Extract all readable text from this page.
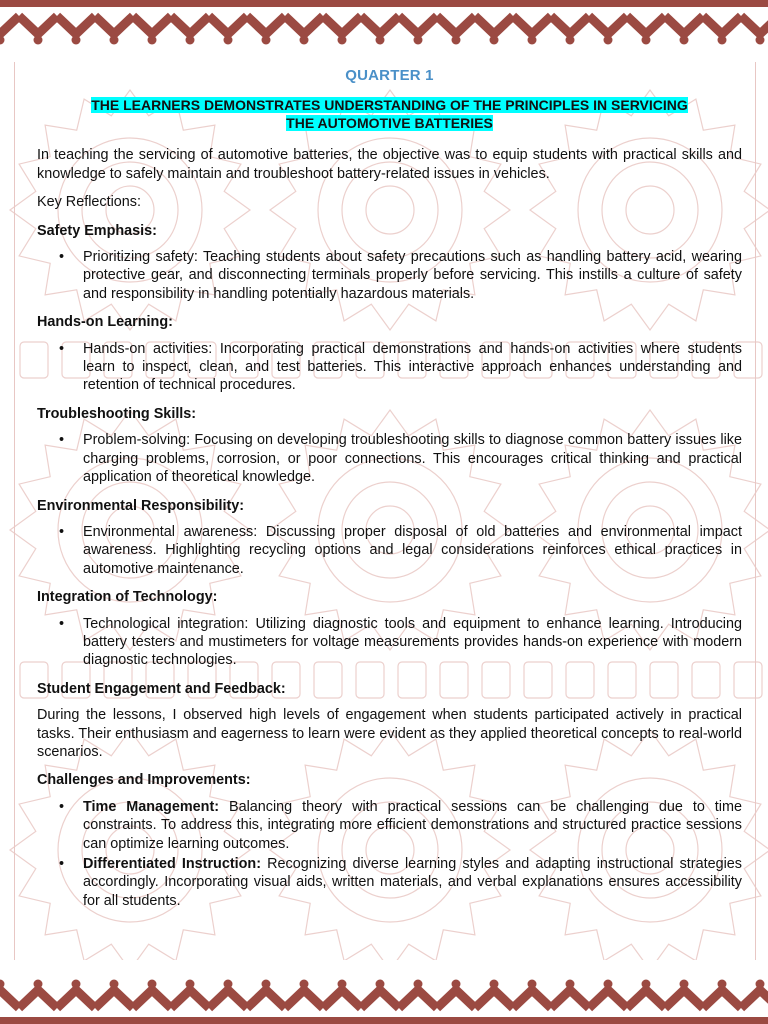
QUARTER 1
THE LEARNERS DEMONSTRATES UNDERSTANDING OF THE PRINCIPLES IN SERVICING
THE AUTOMOTIVE BATTERIES

In teaching the servicing of automotive batteries, the objective was to equip students with practical skills and knowledge to safely maintain and troubleshoot battery-related issues in vehicles.

Key Reflections:

Safety Emphasis:
• Prioritizing safety: Teaching students about safety precautions such as handling battery acid, wearing protective gear, and disconnecting terminals properly before servicing. This instills a culture of safety and responsibility in handling potentially hazardous materials.
Hands-on Learning:
• Hands-on activities: Incorporating practical demonstrations and hands-on activities where students learn to inspect, clean, and test batteries. This interactive approach enhances understanding and retention of technical procedures.
Troubleshooting Skills:
• Problem-solving: Focusing on developing troubleshooting skills to diagnose common battery issues like charging problems, corrosion, or poor connections. This encourages critical thinking and practical application of theoretical knowledge.
Environmental Responsibility:
• Environmental awareness: Discussing proper disposal of old batteries and environmental impact awareness. Highlighting recycling options and legal considerations reinforces ethical practices in automotive maintenance.
Integration of Technology:
• Technological integration: Utilizing diagnostic tools and equipment to enhance learning. Introducing battery testers and mustimeters for voltage measurements provides hands-on experience with modern diagnostic technologies.
Student Engagement and Feedback:

During the lessons, I observed high levels of engagement when students participated actively in practical tasks. Their enthusiasm and eagerness to learn were evident as they applied theoretical concepts to real-world scenarios.

Challenges and Improvements:
• Time Management: Balancing theory with practical sessions can be challenging due to time constraints. To address this, integrating more efficient demonstrations and structured practice sessions can optimize learning outcomes.
• Differentiated Instruction: Recognizing diverse learning styles and adapting instructional strategies accordingly. Incorporating visual aids, written materials, and verbal explanations ensures accessibility for all students.
